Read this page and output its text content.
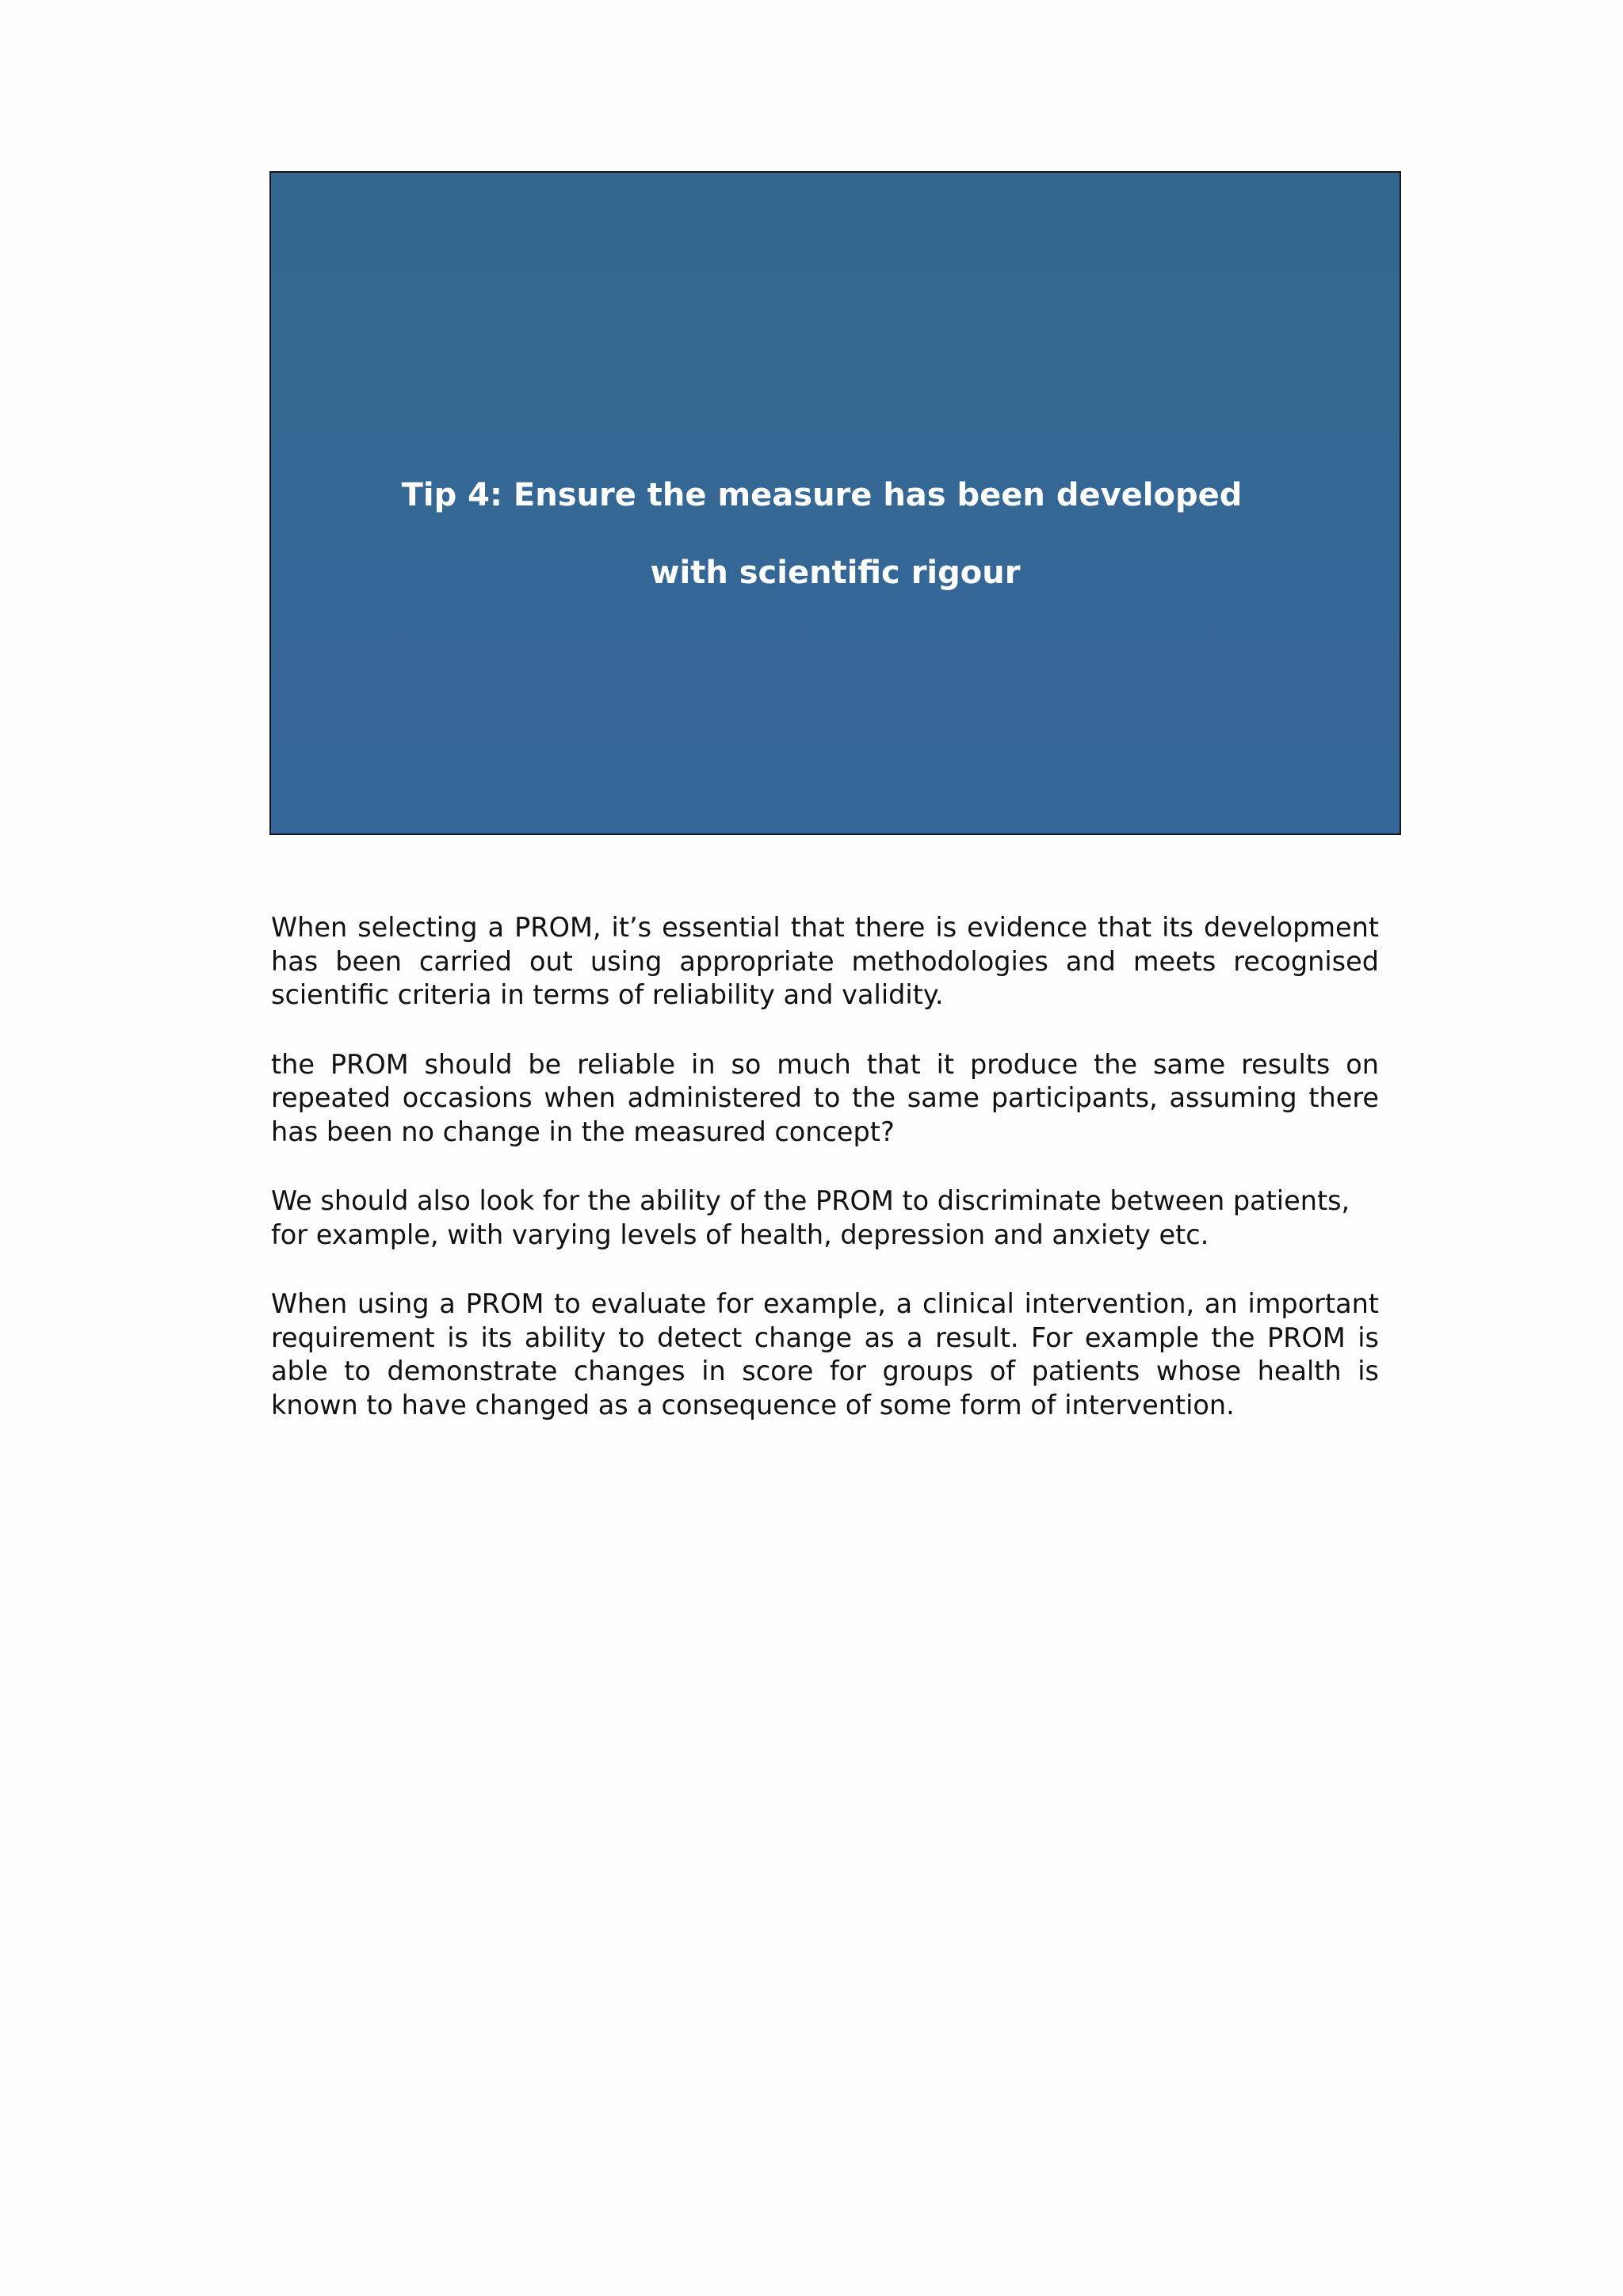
Tip 4: Ensure the measure has been developed
with scientific rigour

When selecting a PROM, it’s essential that there is evidence that its development has been carried out using appropriate methodologies and meets recognised scientific criteria in terms of reliability and validity.

the PROM should be reliable in so much that it produce the same results on repeated occasions when administered to the same participants, assuming there has been no change in the measured concept?

We should also look for the ability of the PROM to discriminate between patients, for example, with varying levels of health, depression and anxiety etc.

When using a PROM to evaluate for example, a clinical intervention, an important requirement is its ability to detect change as a result. For example the PROM is able to demonstrate changes in score for groups of patients whose health is known to have changed as a consequence of some form of intervention.
